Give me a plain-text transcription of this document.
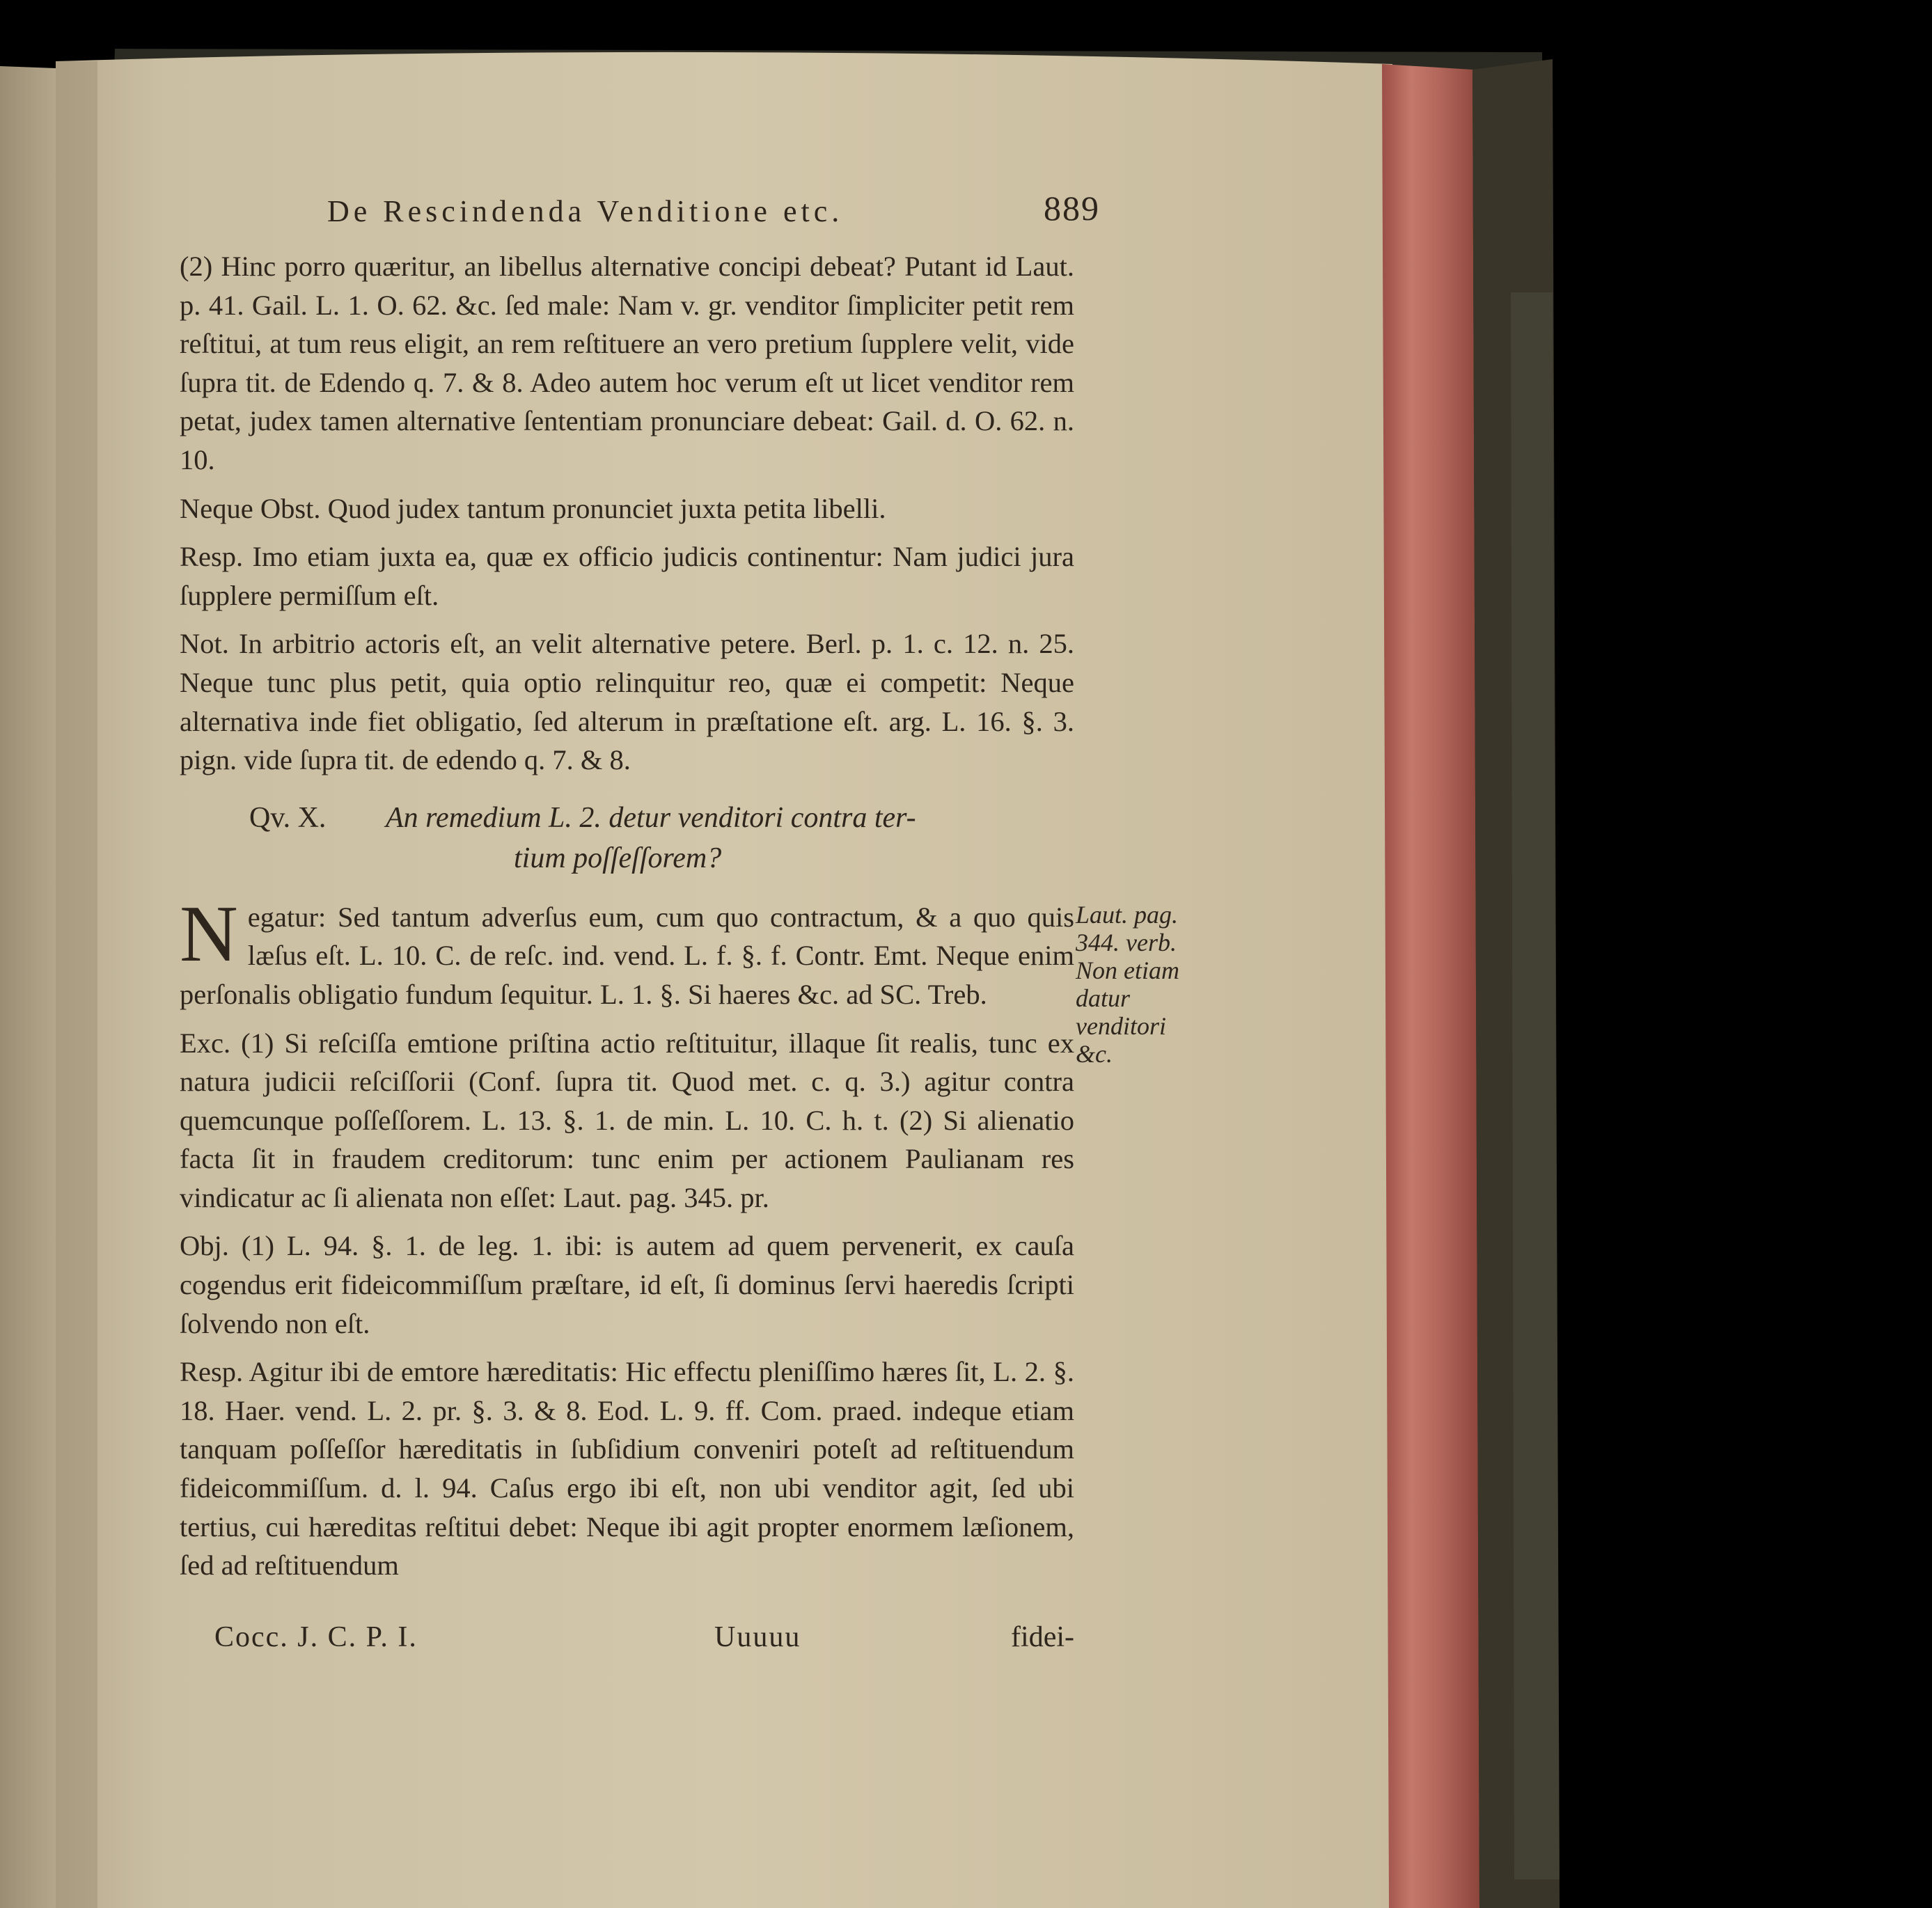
De Rescindenda Venditione etc.	889

(2) Hinc porro quæritur, an libellus alternative concipi debeat? Putant id Laut. p. 41. Gail. L. 1. O. 62. &c. ſed male: Nam v. gr. venditor ſimpliciter petit rem reſtitui, at tum reus eligit, an rem reſtituere an vero pretium ſupplere velit, vide ſupra tit. de Edendo q. 7. & 8. Adeo autem hoc verum eſt ut licet venditor rem petat, judex tamen alternative ſententiam pronunciare debeat: Gail. d. O. 62. n. 10.

Neque Obst. Quod judex tantum pronunciet juxta petita libelli.

Resp. Imo etiam juxta ea, quæ ex officio judicis continentur: Nam judici jura ſupplere permiſſum eſt.

Not. In arbitrio actoris eſt, an velit alternative petere. Berl. p. 1. c. 12. n. 25. Neque tunc plus petit, quia optio relinquitur reo, quæ ei competit: Neque alternativa inde fiet obligatio, ſed alterum in præſtatione eſt. arg. L. 16. §. 3. pign. vide ſupra tit. de edendo q. 7. & 8.

Qv. X. An remedium L. 2. detur venditori contra ter-
tium poſſeſſorem?

Negatur: Sed tantum adverſus eum, cum quo contractum, & a quo quis læſus eſt. L. 10. C. de reſc. ind. vend. L. f. §. f. Contr. Emt. Neque enim perſonalis obligatio fundum ſequitur. L. 1. §. Si haeres &c. ad SC. Treb.

Exc. (1) Si reſciſſa emtione priſtina actio reſtituitur, illaque ſit realis, tunc ex natura judicii reſciſſorii (Conf. ſupra tit. Quod met. c. q. 3.) agitur contra quemcunque poſſeſſorem. L. 13. §. 1. de min. L. 10. C. h. t. (2) Si alienatio facta ſit in fraudem creditorum: tunc enim per actionem Paulianam res vindicatur ac ſi alienata non eſſet: Laut. pag. 345. pr.

Obj. (1) L. 94. §. 1. de leg. 1. ibi: is autem ad quem pervenerit, ex cauſa cogendus erit fideicommiſſum præſtare, id eſt, ſi dominus ſervi haeredis ſcripti ſolvendo non eſt.

Resp. Agitur ibi de emtore hæreditatis: Hic effectu pleniſſimo hæres ſit, L. 2. §. 18. Haer. vend. L. 2. pr. §. 3. & 8. Eod. L. 9. ff. Com. praed. indeque etiam tanquam poſſeſſor hæreditatis in ſubſidium conveniri poteſt ad reſtituendum fideicommiſſum. d. l. 94. Caſus ergo ibi eſt, non ubi venditor agit, ſed ubi tertius, cui hæreditas reſtitui debet: Neque ibi agit propter enormem læſionem, ſed ad reſtituendum

Laut. pag. 344. verb. Non etiam datur venditori &c.
Cocc. J. C. P. I.	Uuuuu	fidei-
